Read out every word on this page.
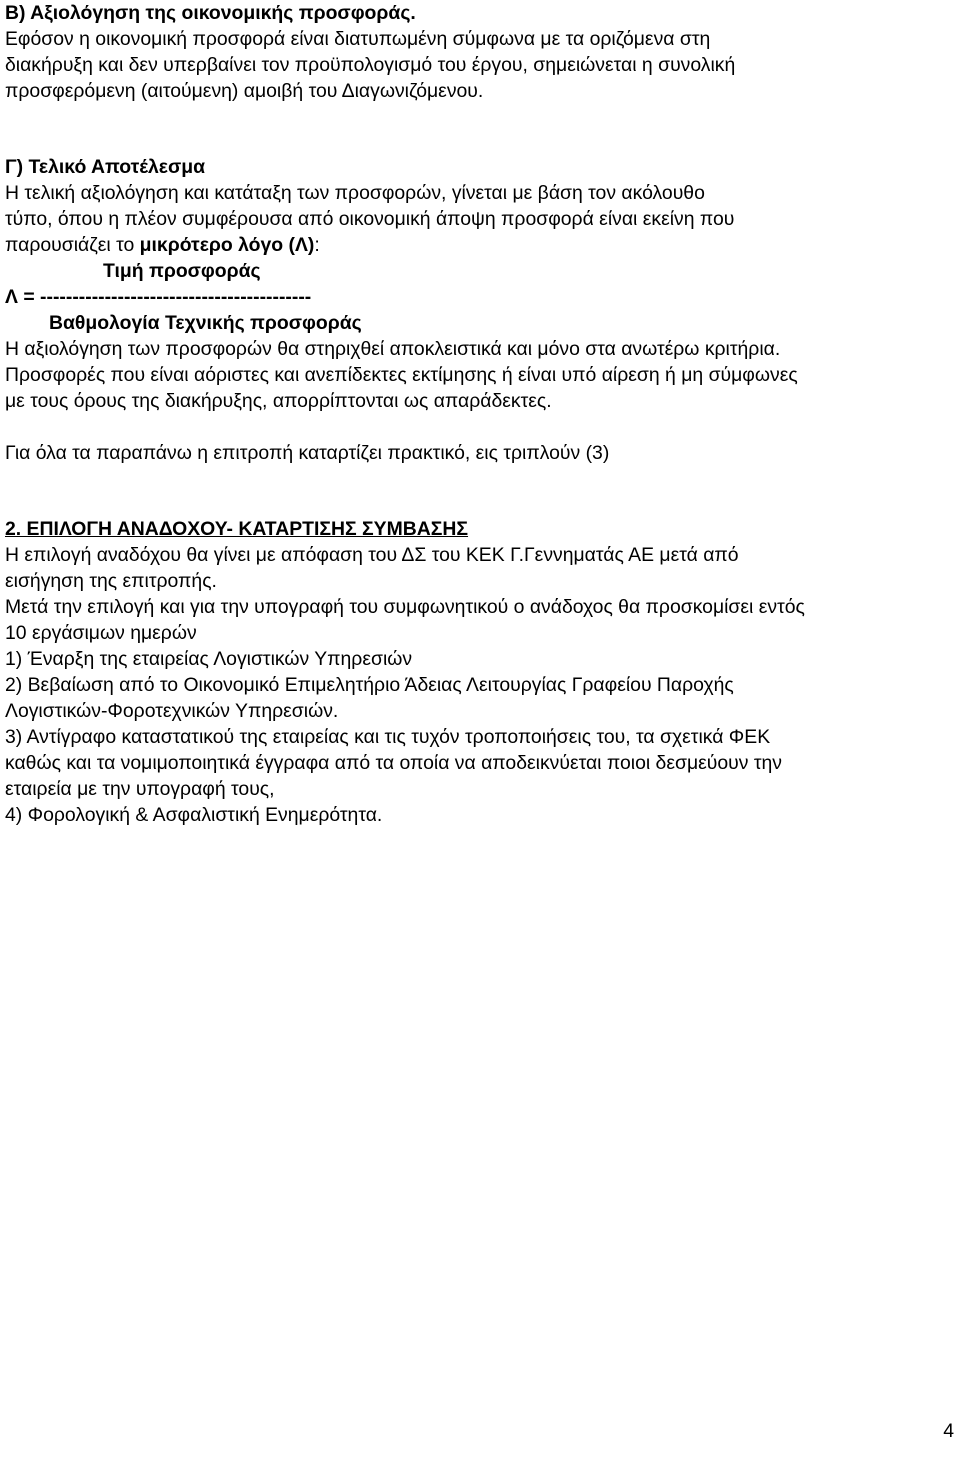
Β) Αξιολόγηση της οικονομικής προσφοράς.
Εφόσον η οικονομική προσφορά είναι διατυπωμένη σύμφωνα με τα οριζόμενα στη
διακήρυξη και δεν υπερβαίνει τον προϋπολογισμό του έργου, σημειώνεται η συνολική
προσφερόμενη (αιτούμενη) αμοιβή του Διαγωνιζόμενου.
Γ) Τελικό Αποτέλεσμα
Η τελική αξιολόγηση και κατάταξη των προσφορών, γίνεται με βάση τον ακόλουθο
τύπο, όπου η πλέον συμφέρουσα από οικονομική άποψη προσφορά είναι εκείνη που
παρουσιάζει το μικρότερο λόγο (Λ):
Τιμή προσφοράς
Λ = ------------------------------------------
Βαθμολογία Τεχνικής προσφοράς
Η αξιολόγηση των προσφορών θα στηριχθεί αποκλειστικά και μόνο στα ανωτέρω κριτήρια.
Προσφορές που είναι αόριστες και ανεπίδεκτες εκτίμησης ή είναι υπό αίρεση ή μη σύμφωνες
με τους όρους της διακήρυξης, απορρίπτονται ως απαράδεκτες.
Για όλα τα παραπάνω η επιτροπή καταρτίζει πρακτικό, εις τριπλούν (3)
2. ΕΠΙΛΟΓΗ ΑΝΑΔΟΧΟΥ- ΚΑΤΑΡΤΙΣΗΣ ΣΥΜΒΑΣΗΣ
Η επιλογή αναδόχου θα γίνει με απόφαση του ΔΣ του ΚΕΚ Γ.Γεννηματάς ΑΕ μετά από
εισήγηση της επιτροπής.
Μετά την επιλογή και για την υπογραφή του συμφωνητικού ο ανάδοχος θα προσκομίσει εντός
10 εργάσιμων ημερών
1) Έναρξη της εταιρείας Λογιστικών Υπηρεσιών
2) Βεβαίωση από το Οικονομικό Επιμελητήριο Άδειας Λειτουργίας Γραφείου Παροχής
Λογιστικών-Φοροτεχνικών Υπηρεσιών.
3) Αντίγραφο καταστατικού της εταιρείας και τις τυχόν τροποποιήσεις του, τα σχετικά ΦΕΚ
καθώς και τα νομιμοποιητικά έγγραφα από τα οποία να αποδεικνύεται ποιοι δεσμεύουν την
εταιρεία με την υπογραφή τους,
4) Φορολογική & Ασφαλιστική Ενημερότητα.
4
